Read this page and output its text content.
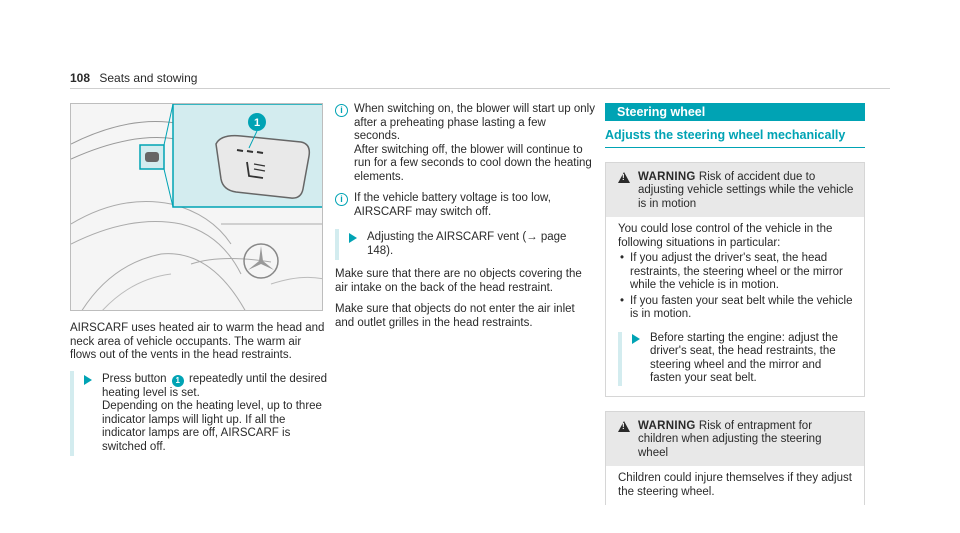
108 Seats and stowing
1

AIRSCARF uses heated air to warm the head and neck area of vehicle occupants. The warm air flows out of the vents in the head restraints.

Press button 1 repeatedly until the desired heating level is set.
Depending on the heating level, up to three indicator lamps will light up. If all the indicator lamps are off, AIRSCARF is switched off.
i When switching on, the blower will start up only after a preheating phase lasting a few seconds.
After switching off, the blower will continue to run for a few seconds to cool down the heating elements.
i If the vehicle battery voltage is too low, AIRSCARF may switch off.
Adjusting the AIRSCARF vent (→ page 148).

Make sure that there are no objects covering the air intake on the back of the head restraint.

Make sure that objects do not enter the air inlet and outlet grilles in the head restraints.

Steering wheel
Adjusts the steering wheel mechanically
!
WARNING Risk of accident due to adjusting vehicle settings while the vehicle is in motion
You could lose control of the vehicle in the following situations in particular:
• If you adjust the driver's seat, the head restraints, the steering wheel or the mirror while the vehicle is in motion.
• If you fasten your seat belt while the vehicle is in motion.
Before starting the engine: adjust the driver's seat, the head restraints, the steering wheel and the mirror and fasten your seat belt.
!
WARNING Risk of entrapment for children when adjusting the steering wheel
Children could injure themselves if they adjust the steering wheel.
